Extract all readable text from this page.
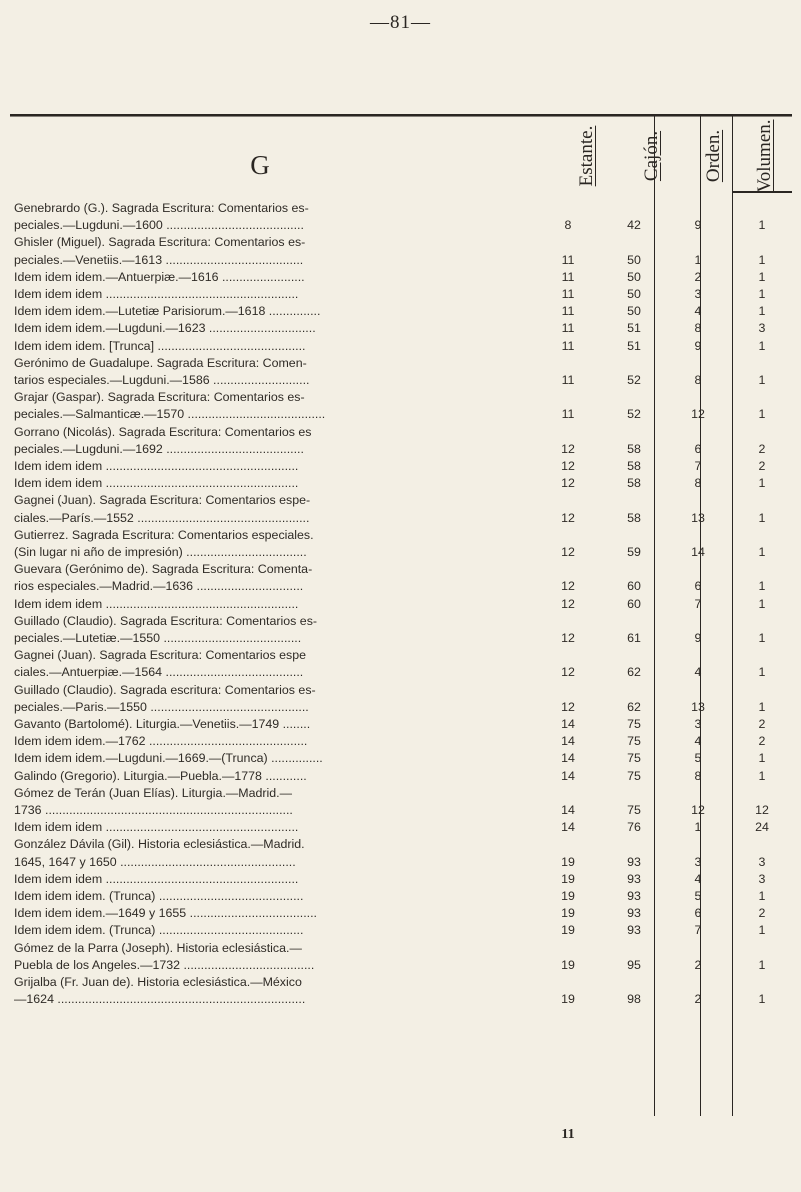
—81—
G	Estante. Cajón. Orden. Volumen.
Genebrardo (G.). Sagrada Escritura: Comentarios es-
peciales.—Lugduni.—1600 ........................................	8	42	9	1
Ghisler (Miguel). Sagrada Escritura: Comentarios es-
peciales.—Venetiis.—1613 ........................................	11	50	1	1
Idem idem idem.—Antuerpiæ.—1616 ........................	11	50	2	1
Idem idem idem ........................................................	11	50	3	1
Idem idem idem.—Lutetiæ Parisiorum.—1618 ...............	11	50	4	1
Idem idem idem.—Lugduni.—1623 ...............................	11	51	8	3
Idem idem idem. [Trunca] ...........................................	11	51	9	1
Gerónimo de Guadalupe. Sagrada Escritura: Comen-
tarios especiales.—Lugduni.—1586 ............................	11	52	8	1
Grajar (Gaspar). Sagrada Escritura: Comentarios es-
peciales.—Salmanticæ.—1570 ........................................	11	52	12	1
Gorrano (Nicolás). Sagrada Escritura: Comentarios es
peciales.—Lugduni.—1692 ........................................	12	58	6	2
Idem idem idem ........................................................	12	58	7	2
Idem idem idem ........................................................	12	58	8	1
Gagnei (Juan). Sagrada Escritura: Comentarios espe-
ciales.—París.—1552 ..................................................	12	58	13	1
Gutierrez. Sagrada Escritura: Comentarios especiales.
(Sin lugar ni año de impresión) ...................................	12	59	14	1
Guevara (Gerónimo de). Sagrada Escritura: Comenta-
rios especiales.—Madrid.—1636 ...............................	12	60	6	1
Idem idem idem ........................................................	12	60	7	1
Guillado (Claudio). Sagrada Escritura: Comentarios es-
peciales.—Lutetiæ.—1550 ........................................	12	61	9	1
Gagnei (Juan). Sagrada Escritura: Comentarios espe
ciales.—Antuerpiæ.—1564 ........................................	12	62	4	1
Guillado (Claudio). Sagrada escritura: Comentarios es-
peciales.—Paris.—1550 ..............................................	12	62	13	1
Gavanto (Bartolomé). Liturgia.—Venetiis.—1749 ........	14	75	3	2
Idem idem idem.—1762 ..............................................	14	75	4	2
Idem idem idem.—Lugduni.—1669.—(Trunca) ...............	14	75	5	1
Galindo (Gregorio). Liturgia.—Puebla.—1778 ............	14	75	8	1
Gómez de Terán (Juan Elías). Liturgia.—Madrid.—
1736 ........................................................................	14	75	12	12
Idem idem idem ........................................................	14	76	1	24
González Dávila (Gil). Historia eclesiástica.—Madrid.
1645, 1647 y 1650 ...................................................	19	93	3	3
Idem idem idem ........................................................	19	93	4	3
Idem idem idem. (Trunca) ..........................................	19	93	5	1
Idem idem idem.—1649 y 1655 .....................................	19	93	6	2
Idem idem idem. (Trunca) ..........................................	19	93	7	1
Gómez de la Parra (Joseph). Historia eclesiástica.—
Puebla de los Angeles.—1732 ......................................	19	95	2	1
Grijalba (Fr. Juan de). Historia eclesiástica.—México
—1624 ........................................................................	19	98	2	1
11
